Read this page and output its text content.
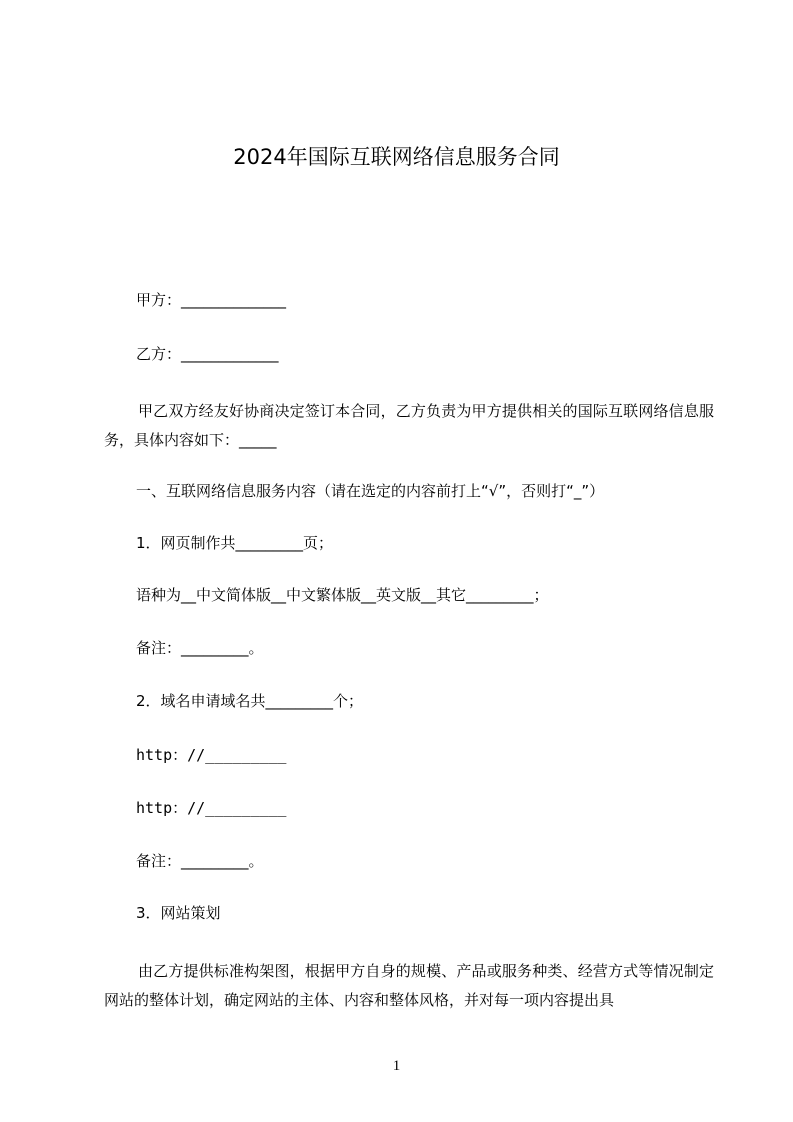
2024年国际互联网络信息服务合同
甲方：______________
乙方：_____________
甲乙双方经友好协商决定签订本合同，乙方负责为甲方提供相关的国际互联网络信息服务，具体内容如下：_____
一、互联网络信息服务内容（请在选定的内容前打上“√”，否则打“_”）
1．网页制作共_________页；
语种为__中文简体版__中文繁体版__英文版__其它_________；
备注：_________。
2．域名申请域名共_________个；
http：//_________
http：//_________
备注：_________。
3．网站策划
由乙方提供标准构架图，根据甲方自身的规模、产品或服务种类、经营方式等情况制定网站的整体计划，确定网站的主体、内容和整体风格，并对每一项内容提出具
1
